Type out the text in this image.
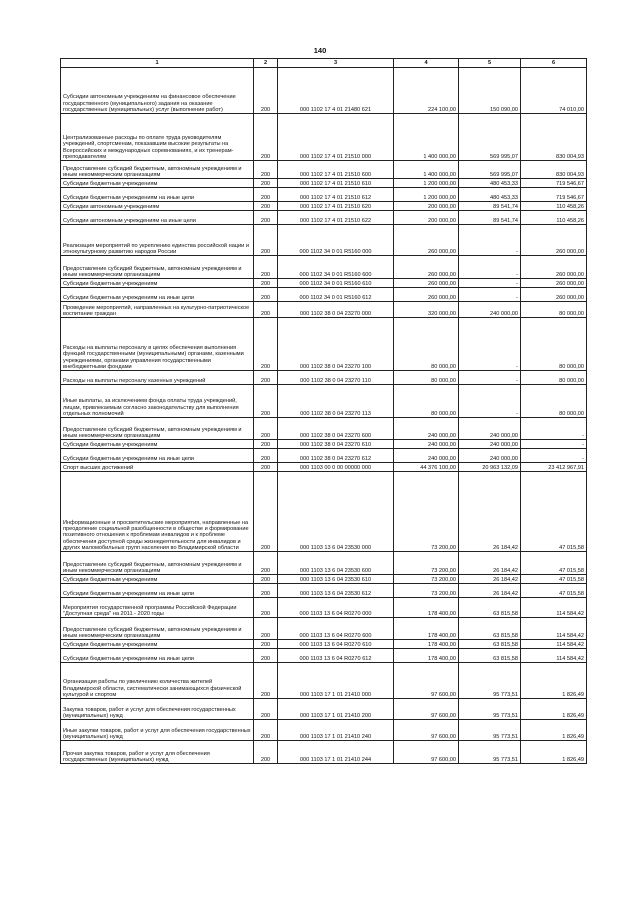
140
1	2	3	4	5	6
Субсидии автономным учреждениям на финансовое обеспечение государственного (муниципального) задания на оказание государственных (муниципальных) услуг (выполнение работ)	200	000 1102 17 4 01 21480 621	224 100,00	150 090,00	74 010,00
Централизованные расходы по оплате труда руководителям учреждений, спортсменам, показавшим высокие результаты на Всероссийских и международных соревнованиях, и их тренерам-преподавателям	200	000 1102 17 4 01 21510 000	1 400 000,00	569 995,07	830 004,93
Предоставление субсидий бюджетным, автономным учреждениям и иным некоммерческим организациям	200	000 1102 17 4 01 21510 600	1 400 000,00	569 995,07	830 004,93
Субсидии бюджетным учреждениям	200	000 1102 17 4 01 21510 610	1 200 000,00	480 453,33	719 546,67
Субсидии бюджетным учреждениям на иные цели	200	000 1102 17 4 01 21510 612	1 200 000,00	480 453,33	719 546,67
Субсидии автономным учреждениям	200	000 1102 17 4 01 21510 620	200 000,00	89 541,74	110 458,26
Субсидии автономным учреждениям на иные цели	200	000 1102 17 4 01 21510 622	200 000,00	89 541,74	110 458,26
Реализация мероприятий по укреплению единства российской нации и этнокультурному развитию народов России	200	000 1102 34 0 01 R5160 000	260 000,00	-	260 000,00
Предоставление субсидий бюджетным, автономным учреждениям и иным некоммерческим организациям	200	000 1102 34 0 01 R5160 600	260 000,00	-	260 000,00
Субсидии бюджетным учреждениям	200	000 1102 34 0 01 R5160 610	260 000,00	-	260 000,00
Субсидии бюджетным учреждениям на иные цели	200	000 1102 34 0 01 R5160 612	260 000,00	-	260 000,00
Проведение мероприятий, направленных на культурно-патриотическое воспитание граждан	200	000 1102 38 0 04 23270 000	320 000,00	240 000,00	80 000,00
Расходы на выплаты персоналу в целях обеспечения выполнения функций государственными (муниципальными) органами, казенными учреждениями, органами управления государственными внебюджетными фондами	200	000 1102 38 0 04 23270 100	80 000,00	-	80 000,00
Расходы на выплаты персоналу казенных учреждений	200	000 1102 38 0 04 23270 110	80 000,00	-	80 000,00
Иные выплаты, за исключением фонда оплаты труда учреждений, лицам, привлекаемым согласно законодательству для выполнения отдельных полномочий	200	000 1102 38 0 04 23270 113	80 000,00	-	80 000,00
Предоставление субсидий бюджетным, автономным учреждениям и иным некоммерческим организациям	200	000 1102 38 0 04 23270 600	240 000,00	240 000,00	-
Субсидии бюджетным учреждениям	200	000 1102 38 0 04 23270 610	240 000,00	240 000,00	-
Субсидии бюджетным учреждениям на иные цели	200	000 1102 38 0 04 23270 612	240 000,00	240 000,00	-
Спорт высших достижений	200	000 1103 00 0 00 00000 000	44 376 100,00	20 963 132,09	23 412 967,91
Информационные и просветительские мероприятия, направленные на преодоление социальной разобщенности в обществе и формирование позитивного отношения к проблемам инвалидов и к проблеме обеспечения доступной среды жизнедеятельности для инвалидов и других маломобильных групп населения во Владимирской области	200	000 1103 13 6 04 23530 000	73 200,00	26 184,42	47 015,58
Предоставление субсидий бюджетным, автономным учреждениям и иным некоммерческим организациям	200	000 1103 13 6 04 23530 600	73 200,00	26 184,42	47 015,58
Субсидии бюджетным учреждениям	200	000 1103 13 6 04 23530 610	73 200,00	26 184,42	47 015,58
Субсидии бюджетным учреждениям на иные цели	200	000 1103 13 6 04 23530 612	73 200,00	26 184,42	47 015,58
Мероприятия государственной программы Российской Федерации "Доступная среда" на 2011 - 2020 годы	200	000 1103 13 6 04 R0270 000	178 400,00	63 815,58	114 584,42
Предоставление субсидий бюджетным, автономным учреждениям и иным некоммерческим организациям	200	000 1103 13 6 04 R0270 600	178 400,00	63 815,58	114 584,42
Субсидии бюджетным учреждениям	200	000 1103 13 6 04 R0270 610	178 400,00	63 815,58	114 584,42
Субсидии бюджетным учреждениям на иные цели	200	000 1103 13 6 04 R0270 612	178 400,00	63 815,58	114 584,42
Организация работы по увеличению количества жителей Владимирской области, систематически занимающихся физической культурой и спортом	200	000 1103 17 1 01 21410 000	97 600,00	95 773,51	1 826,49
Закупка товаров, работ и услуг для обеспечения государственных (муниципальных) нужд	200	000 1103 17 1 01 21410 200	97 600,00	95 773,51	1 826,49
Иные закупки товаров, работ и услуг для обеспечения государственных (муниципальных) нужд	200	000 1103 17 1 01 21410 240	97 600,00	95 773,51	1 826,49
Прочая закупка товаров, работ и услуг для обеспечения государственных (муниципальных) нужд	200	000 1103 17 1 01 21410 244	97 600,00	95 773,51	1 826,49
